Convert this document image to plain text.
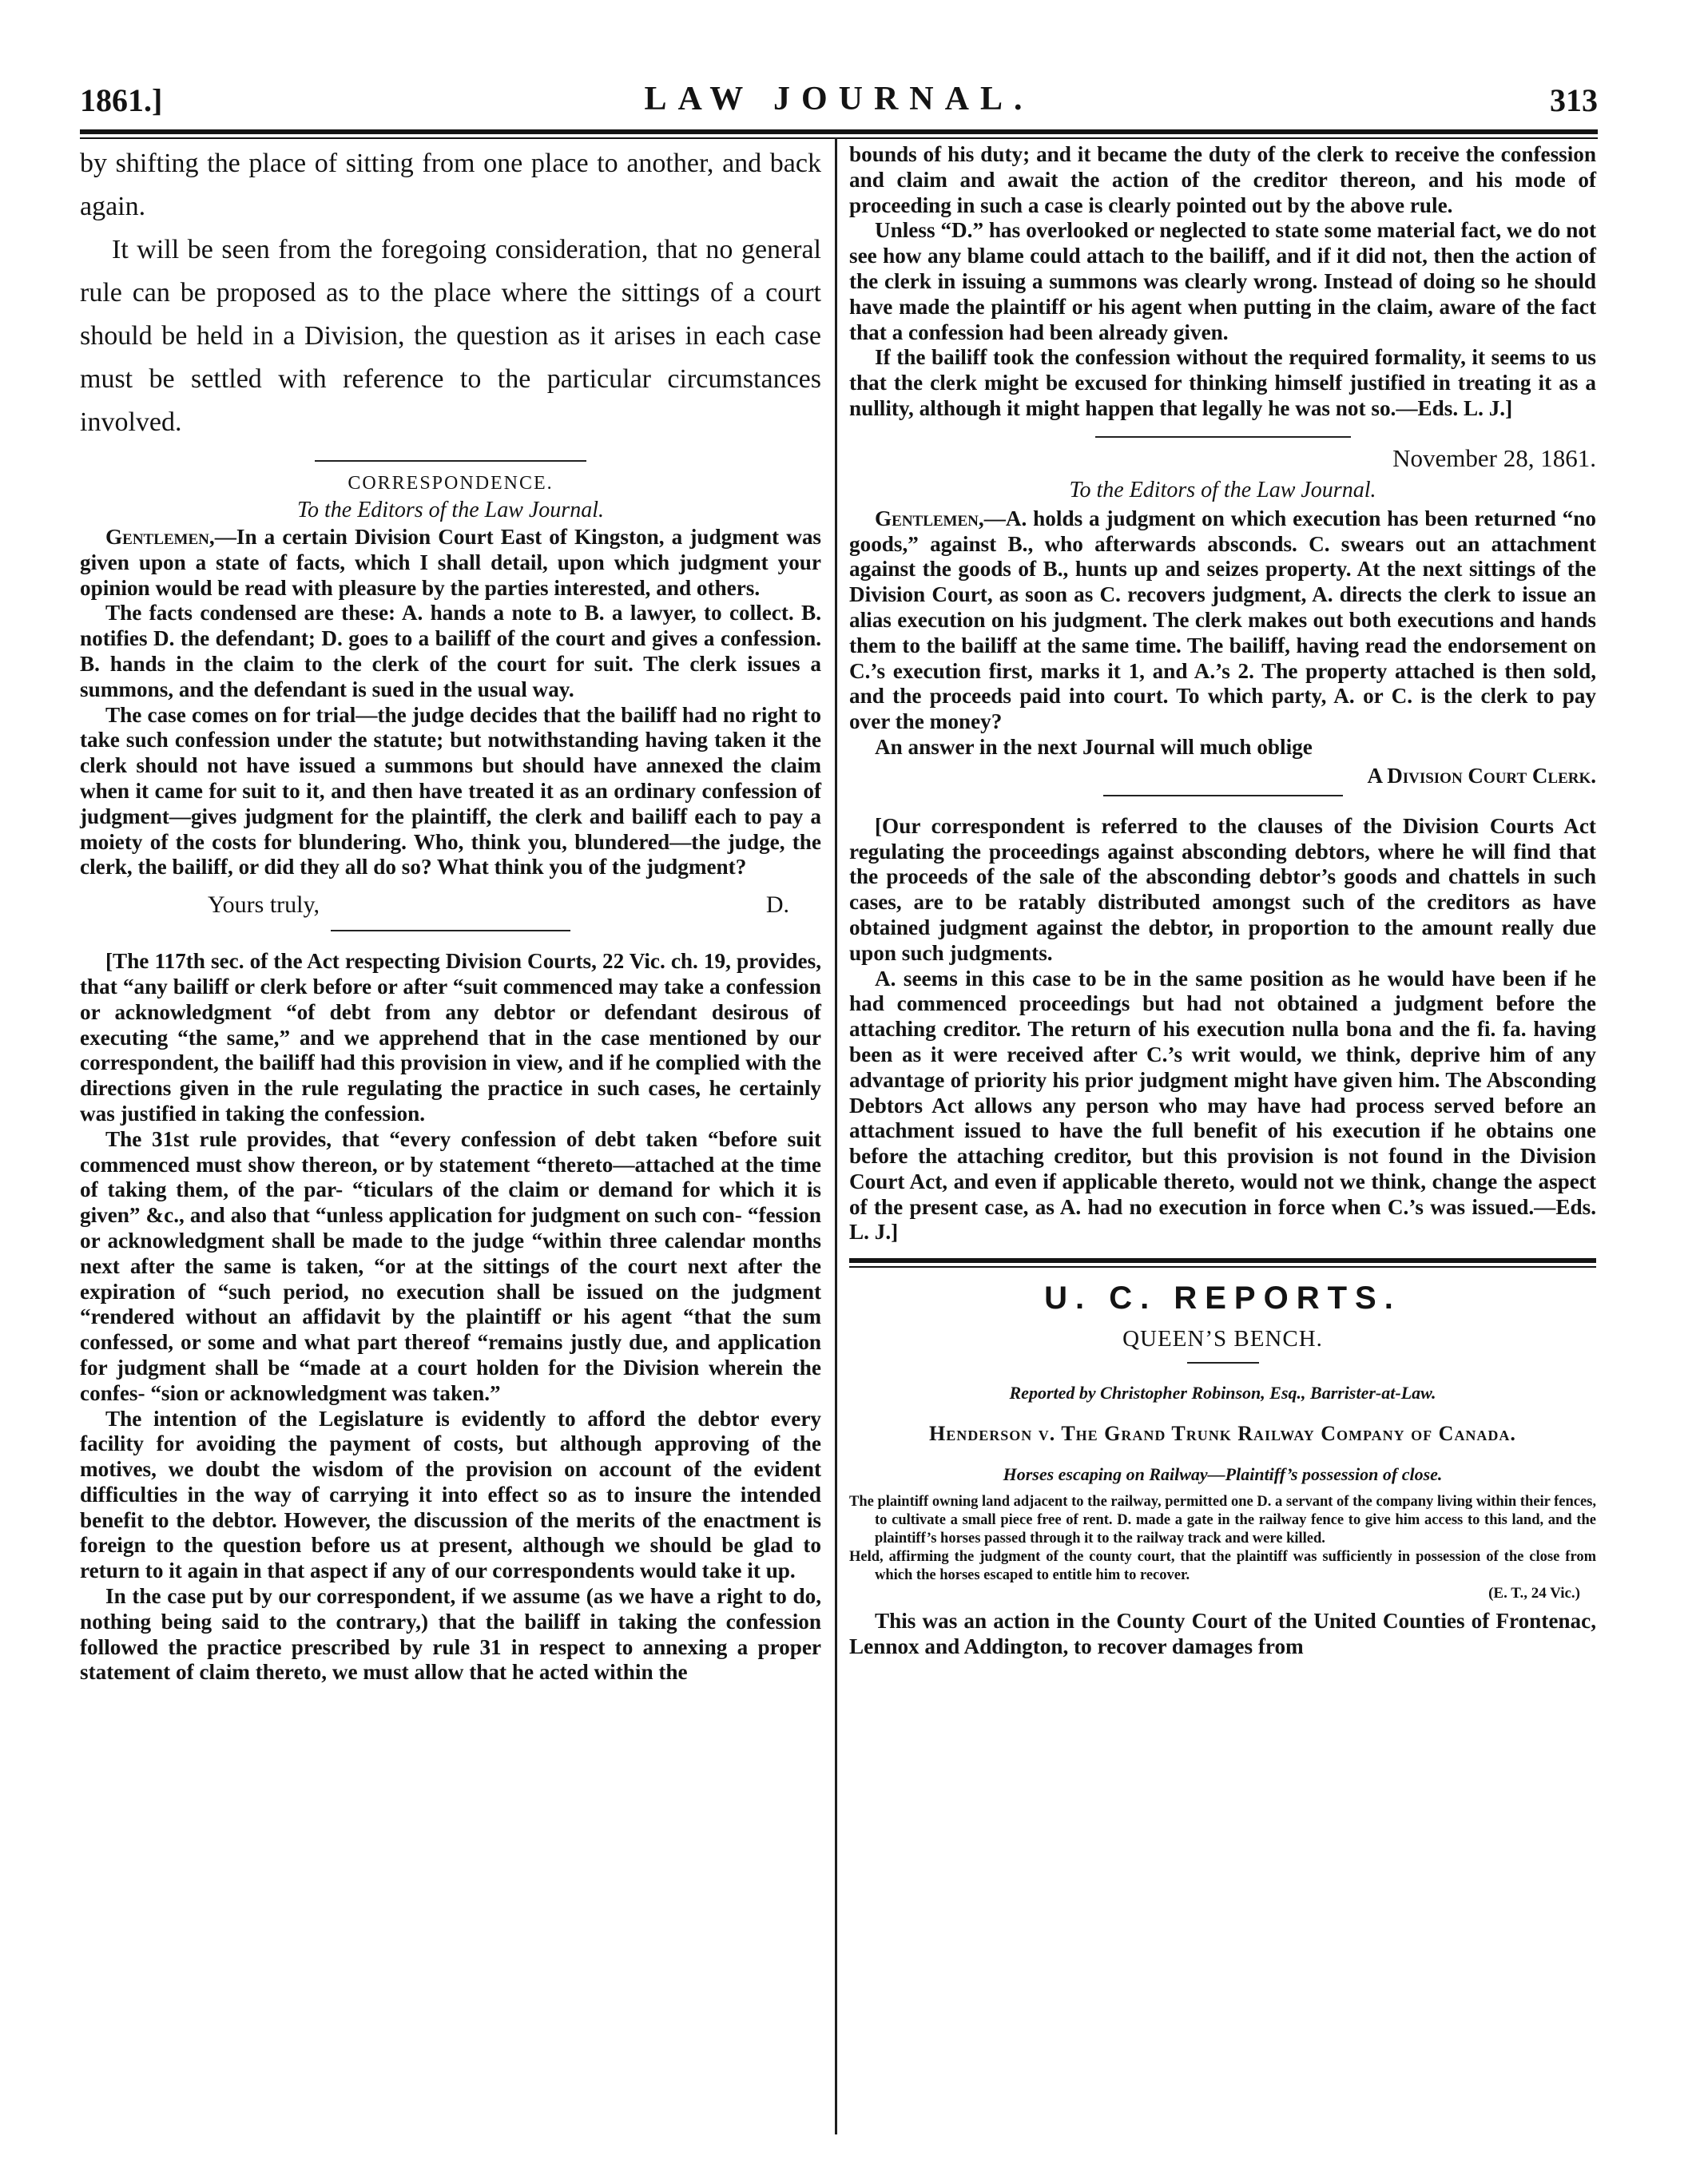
1861.]	LAW JOURNAL.	313

by shifting the place of sitting from one place to another, and back again.

It will be seen from the foregoing consideration, that no general rule can be proposed as to the place where the sittings of a court should be held in a Division, the question as it arises in each case must be settled with reference to the particular circumstances involved.

CORRESPONDENCE.

To the Editors of the Law Journal.

Gentlemen,—In a certain Division Court East of Kingston, a judgment was given upon a state of facts, which I shall detail, upon which judgment your opinion would be read with pleasure by the parties interested, and others.

The facts condensed are these: A. hands a note to B. a lawyer, to collect. B. notifies D. the defendant; D. goes to a bailiff of the court and gives a confession. B. hands in the claim to the clerk of the court for suit. The clerk issues a summons, and the defendant is sued in the usual way.

The case comes on for trial—the judge decides that the bailiff had no right to take such confession under the statute; but notwithstanding having taken it the clerk should not have issued a summons but should have annexed the claim when it came for suit to it, and then have treated it as an ordinary confession of judgment—gives judgment for the plaintiff, the clerk and bailiff each to pay a moiety of the costs for blundering. Who, think you, blundered—the judge, the clerk, the bailiff, or did they all do so? What think you of the judgment?

Yours truly,	D.

[The 117th sec. of the Act respecting Division Courts, 22 Vic. ch. 19, provides, that “any bailiff or clerk before or after “suit commenced may take a confession or acknowledgment “of debt from any debtor or defendant desirous of executing “the same,” and we apprehend that in the case mentioned by our correspondent, the bailiff had this provision in view, and if he complied with the directions given in the rule regulating the practice in such cases, he certainly was justified in taking the confession.

The 31st rule provides, that “every confession of debt taken “before suit commenced must show thereon, or by statement “thereto—attached at the time of taking them, of the par- “ticulars of the claim or demand for which it is given” &c., and also that “unless application for judgment on such con- “fession or acknowledgment shall be made to the judge “within three calendar months next after the same is taken, “or at the sittings of the court next after the expiration of “such period, no execution shall be issued on the judgment “rendered without an affidavit by the plaintiff or his agent “that the sum confessed, or some and what part thereof “remains justly due, and application for judgment shall be “made at a court holden for the Division wherein the confes- “sion or acknowledgment was taken.”

The intention of the Legislature is evidently to afford the debtor every facility for avoiding the payment of costs, but although approving of the motives, we doubt the wisdom of the provision on account of the evident difficulties in the way of carrying it into effect so as to insure the intended benefit to the debtor. However, the discussion of the merits of the enactment is foreign to the question before us at present, although we should be glad to return to it again in that aspect if any of our correspondents would take it up.

In the case put by our correspondent, if we assume (as we have a right to do, nothing being said to the contrary,) that the bailiff in taking the confession followed the practice prescribed by rule 31 in respect to annexing a proper statement of claim thereto, we must allow that he acted within the

bounds of his duty; and it became the duty of the clerk to receive the confession and claim and await the action of the creditor thereon, and his mode of proceeding in such a case is clearly pointed out by the above rule.

Unless “D.” has overlooked or neglected to state some material fact, we do not see how any blame could attach to the bailiff, and if it did not, then the action of the clerk in issuing a summons was clearly wrong. Instead of doing so he should have made the plaintiff or his agent when putting in the claim, aware of the fact that a confession had been already given.

If the bailiff took the confession without the required formality, it seems to us that the clerk might be excused for thinking himself justified in treating it as a nullity, although it might happen that legally he was not so.—Eds. L. J.]

November 28, 1861.

To the Editors of the Law Journal.

Gentlemen,—A. holds a judgment on which execution has been returned “no goods,” against B., who afterwards absconds. C. swears out an attachment against the goods of B., hunts up and seizes property. At the next sittings of the Division Court, as soon as C. recovers judgment, A. directs the clerk to issue an alias execution on his judgment. The clerk makes out both executions and hands them to the bailiff at the same time. The bailiff, having read the endorsement on C.’s execution first, marks it 1, and A.’s 2. The property attached is then sold, and the proceeds paid into court. To which party, A. or C. is the clerk to pay over the money?

An answer in the next Journal will much oblige

A Division Court Clerk.

[Our correspondent is referred to the clauses of the Division Courts Act regulating the proceedings against absconding debtors, where he will find that the proceeds of the sale of the absconding debtor’s goods and chattels in such cases, are to be ratably distributed amongst such of the creditors as have obtained judgment against the debtor, in proportion to the amount really due upon such judgments.

A. seems in this case to be in the same position as he would have been if he had commenced proceedings but had not obtained a judgment before the attaching creditor. The return of his execution nulla bona and the fi. fa. having been as it were received after C.’s writ would, we think, deprive him of any advantage of priority his prior judgment might have given him. The Absconding Debtors Act allows any person who may have had process served before an attachment issued to have the full benefit of his execution if he obtains one before the attaching creditor, but this provision is not found in the Division Court Act, and even if applicable thereto, would not we think, change the aspect of the present case, as A. had no execution in force when C.’s was issued.—Eds. L. J.]

U. C. REPORTS.

QUEEN’S BENCH.

Reported by Christopher Robinson, Esq., Barrister-at-Law.

Henderson v. The Grand Trunk Railway Company of Canada.

Horses escaping on Railway—Plaintiff’s possession of close.

The plaintiff owning land adjacent to the railway, permitted one D. a servant of the company living within their fences, to cultivate a small piece free of rent. D. made a gate in the railway fence to give him access to this land, and the plaintiff’s horses passed through it to the railway track and were killed.

Held, affirming the judgment of the county court, that the plaintiff was sufficiently in possession of the close from which the horses escaped to entitle him to recover.

(E. T., 24 Vic.)

This was an action in the County Court of the United Counties of Frontenac, Lennox and Addington, to recover damages from
